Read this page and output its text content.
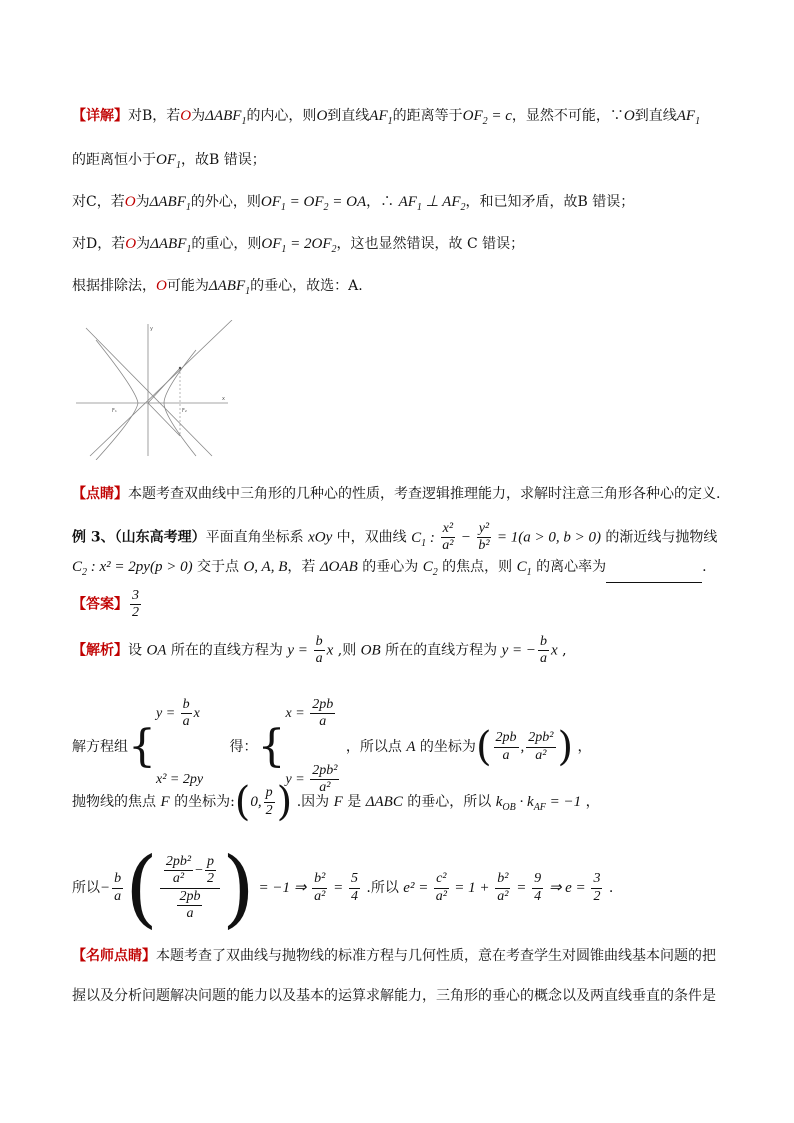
【详解】对B，若O为$\Delta ABF_1$的内心，则O到直线$AF_1$的距离等于$OF_2 = c$，显然不可能，∵O到直线$AF_1$
的距离恒小于$OF_1$，故B 错误；
对C，若O为$\Delta ABF_1$的外心，则$OF_1 = OF_2$ = OA，∴ $AF_1$ ⊥ $AF_2$，和已知矛盾，故B 错误；
对D，若O为$\Delta ABF_1$的重心，则$OF_1 = 2OF_2$，这也显然错误，故 C 错误；
根据排除法，O可能为$\Delta ABF_1$的垂心，故选：A.
F₁	F₂
x
y
【点睛】本题考查双曲线中三角形的几种心的性质，考查逻辑推理能力，求解时注意三角形各种心的定义.
例 3、（山东高考理）平面直角坐标系 xOy 中，双曲线 $C_1$ : $\frac{\text{x²}}{\text{a²}} - \frac{\text{y²}}{\text{b²}} = 1(a > 0$, b > 0) 的渐近线与抛物线
$C_2$ : x² = 2py(p > 0) 交于点 O, A, B，若 ΔOAB 的垂心为 $C_2$ 的焦点，则 $C_1$ 的离心率为	.
【答案】 $\frac{3}{2}$
【解析】设 OA 所在的直线方程为 $y = \frac{b}{a}$ x ,则 OB 所在的直线方程为 y = − $\frac{b}{a}$ x ,
解方程组{
$y = \frac{b}{a}$ x
x² = 2py
得：{
$x = \frac{2pb}{a}$
$y = \frac{\text{2pb²}}{\text{a²}}$
，所以点 A 的坐标为( $\frac{2pb}{a}$ , $\frac{\text{2pb²}}{\text{a²}}$ ) ，
抛物线的焦点 F 的坐标为:(0, $\frac{p}{2}$ ) .因为 F 是 ΔABC 的垂心，所以 $k_{OB} \cdot k_{AF} = -1$ ，
所以− $\frac{b}{a}$ ( $\frac{\frac{\text{2pb²}}{\text{a²}} - \frac{p}{2}}{\frac{2pb}{a}}$ ) = −1 ⇒ $\frac{\text{b²}}{\text{a²}} = \frac{5}{4}$ .所以 $e^2 = \frac{\text{c²}}{\text{a²}} = 1 + \frac{\text{b²}}{\text{a²}} = \frac{9}{4}$ ⇒ $e = \frac{3}{2}$ .
【名师点睛】本题考查了双曲线与抛物线的标准方程与几何性质，意在考查学生对圆锥曲线基本问题的把
握以及分析问题解决问题的能力以及基本的运算求解能力，三角形的垂心的概念以及两直线垂直的条件是
